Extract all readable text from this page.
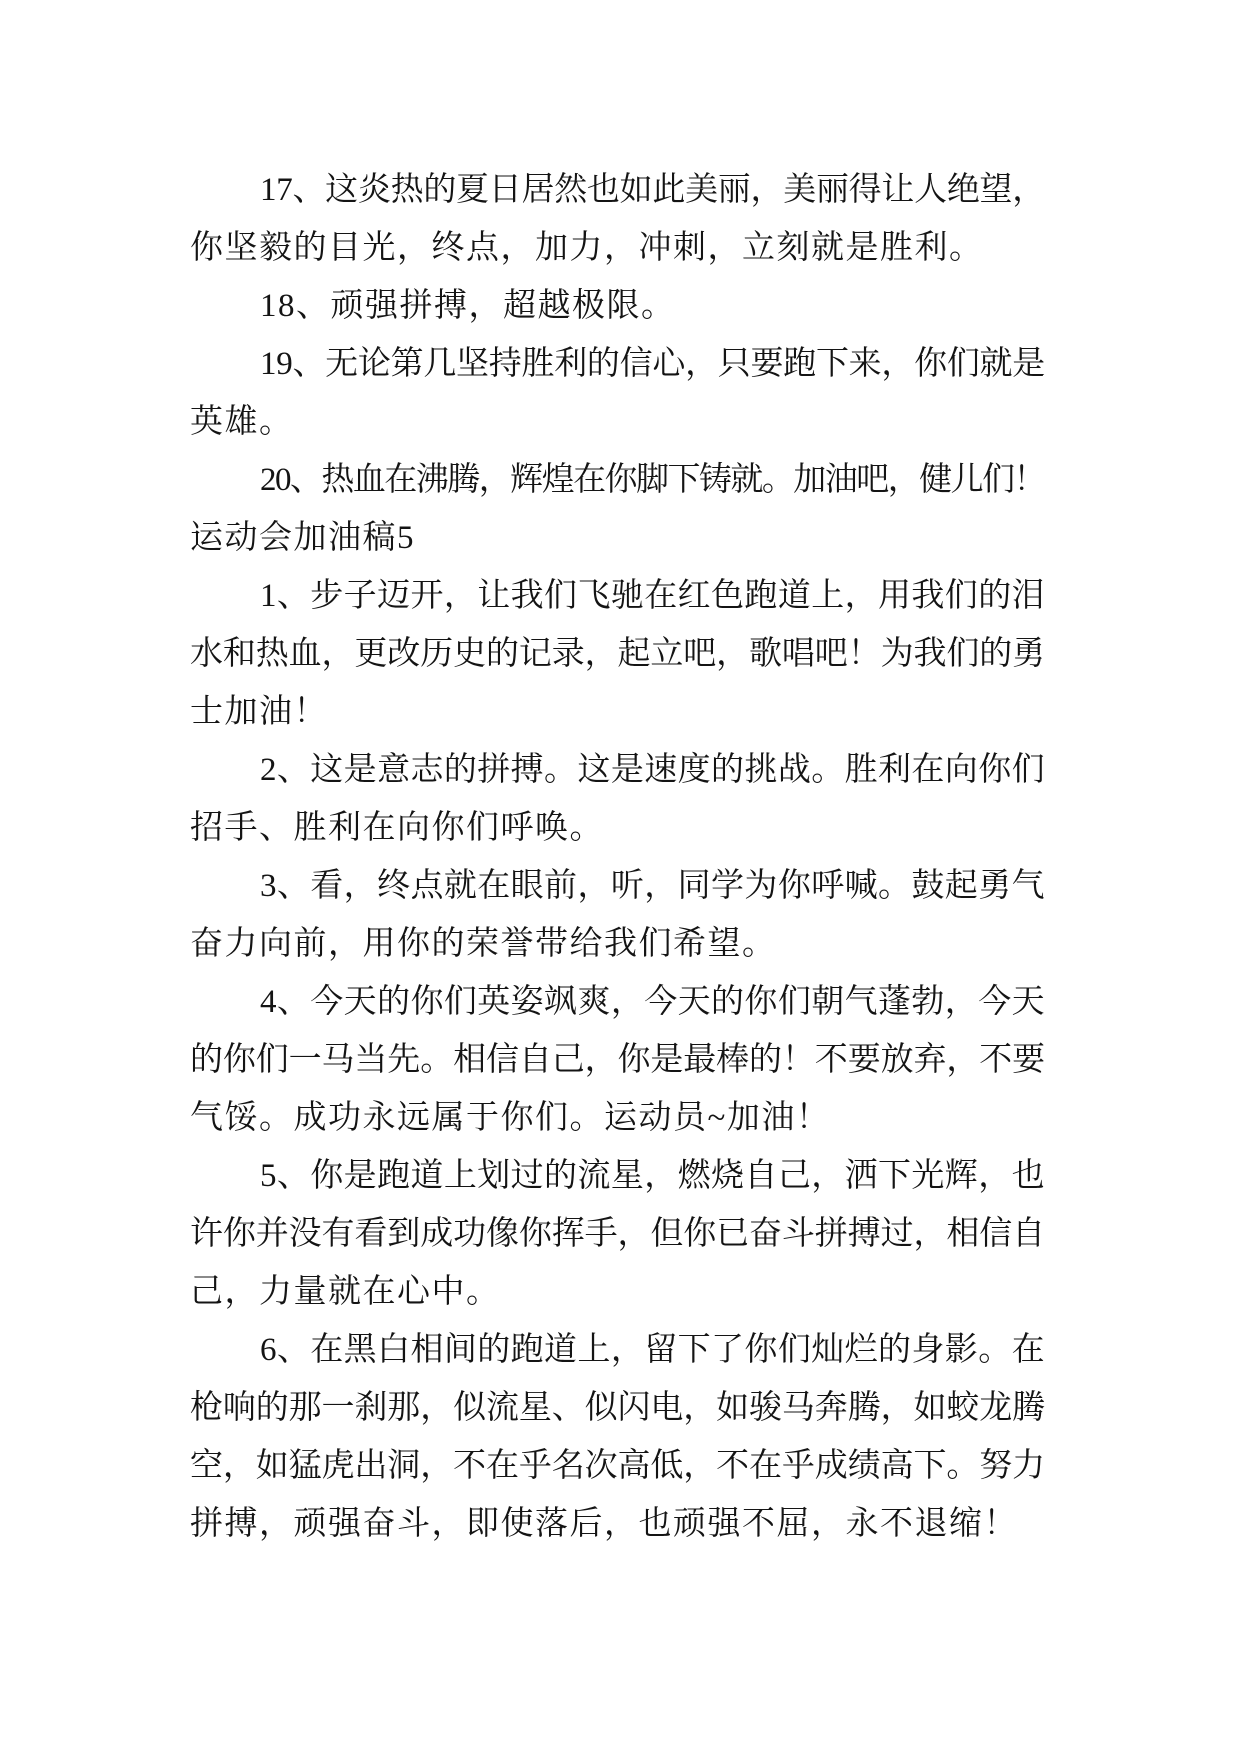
17、这炎热的夏日居然也如此美丽，美丽得让人绝望，
你坚毅的目光，终点，加力，冲刺，立刻就是胜利。
18、顽强拼搏，超越极限。
19、无论第几坚持胜利的信心，只要跑下来，你们就是
英雄。
20、热血在沸腾，辉煌在你脚下铸就。加油吧，健儿们！
运动会加油稿5
1、步子迈开，让我们飞驰在红色跑道上，用我们的泪
水和热血，更改历史的记录，起立吧，歌唱吧！为我们的勇
士加油！
2、这是意志的拼搏。这是速度的挑战。胜利在向你们
招手、胜利在向你们呼唤。
3、看，终点就在眼前，听，同学为你呼喊。鼓起勇气
奋力向前，用你的荣誉带给我们希望。
4、今天的你们英姿飒爽，今天的你们朝气蓬勃，今天
的你们一马当先。相信自己，你是最棒的！不要放弃，不要
气馁。成功永远属于你们。运动员~加油！
5、你是跑道上划过的流星，燃烧自己，洒下光辉，也
许你并没有看到成功像你挥手，但你已奋斗拼搏过，相信自
己，力量就在心中。
6、在黑白相间的跑道上，留下了你们灿烂的身影。在
枪响的那一刹那，似流星、似闪电，如骏马奔腾，如蛟龙腾
空，如猛虎出洞，不在乎名次高低，不在乎成绩高下。努力
拼搏，顽强奋斗，即使落后，也顽强不屈，永不退缩！
